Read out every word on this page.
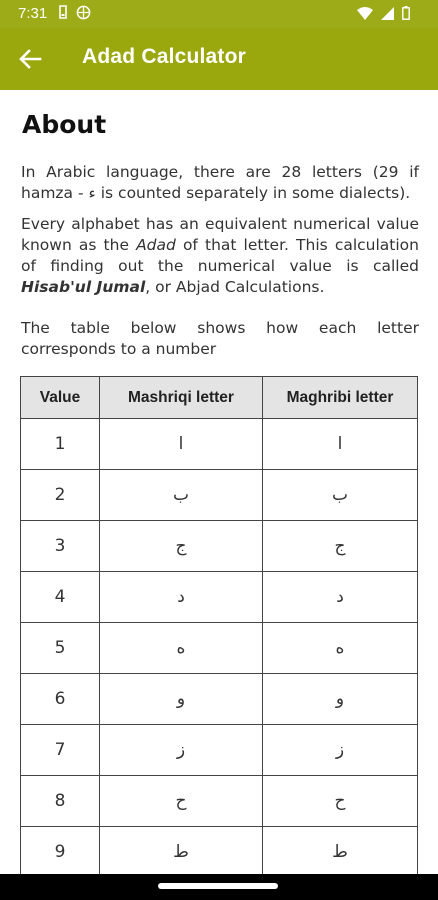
7:31
Adad Calculator
About

In Arabic language, there are 28 letters (29 if hamza - ء is counted separately in some dialects).

Every alphabet has an equivalent numerical value known as the Adad of that letter. This calculation of finding out the numerical value is called Hisab'ul Jumal, or Abjad Calculations.

The table below shows how each letter corresponds to a number

Value	Mashriqi letter	Maghribi letter
1	ا	ا
2	ب	ب
3	ج	ج
4	د	د
5	ه	ه
6	و	و
7	ز	ز
8	ح	ح
9	ط	ط
